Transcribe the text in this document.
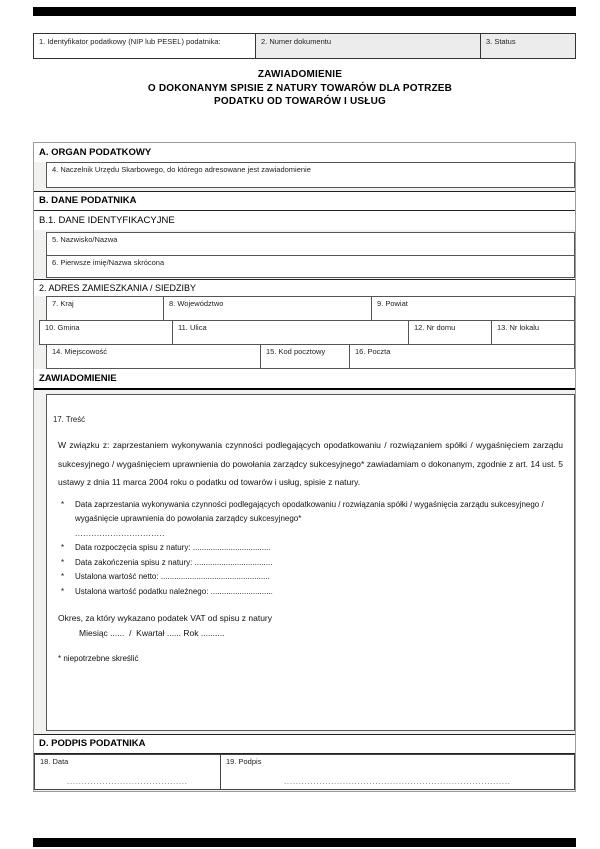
1. Identyfikator podatkowy (NIP lub PESEL) podatnika:	2. Numer dokumentu	3. Status
ZAWIADOMIENIE
O DOKONANYM SPISIE Z NATURY TOWARÓW DLA POTRZEB
PODATKU OD TOWARÓW I USŁUG
A. ORGAN PODATKOWY
4. Naczelnik Urzędu Skarbowego, do którego adresowane jest zawiadomienie
B. DANE PODATNIKA
B.1. DANE IDENTYFIKACYJNE
5. Nazwisko/Nazwa
6. Pierwsze imię/Nazwa skrócona
2. ADRES ZAMIESZKANIA / SIEDZIBY
7. Kraj	8. Województwo	9. Powiat
10. Gmina	11. Ulica	12. Nr domu	13. Nr lokalu
14. Miejscowość	15. Kod pocztowy	16. Poczta
ZAWIADOMIENIE
17. Treść
W związku z: zaprzestaniem wykonywania czynności podlegających opodatkowaniu / rozwiązaniem spółki / wygaśnięciem zarządu sukcesyjnego / wygaśnięciem uprawnienia do powołania zarządcy sukcesyjnego* zawiadamiam o dokonanym, zgodnie z art. 14 ust. 5 ustawy z dnia 11 marca 2004 roku o podatku od towarów i usług, spisie z natury.
*	Data zaprzestania wykonywania czynności podlegających opodatkowaniu / rozwiązania spółki / wygaśnięcia zarządu sukcesyjnego / wygaśnięcie uprawnienia do powołania zarządcy sukcesyjnego*
.................................
*	Data rozpoczęcia spisu z natury: ...................................
*	Data zakończenia spisu z natury: ...................................
*	Ustalona wartość netto: .................................................
*	Ustalona wartość podatku należnego: ............................
Okres, za który wykazano podatek VAT od spisu z natury
Miesiąc ......  /  Kwartał ...... Rok ..........
* niepotrzebne skreślić
D. PODPIS PODATNIKA
18. Data
.........................................
19. Podpis
.............................................................................
